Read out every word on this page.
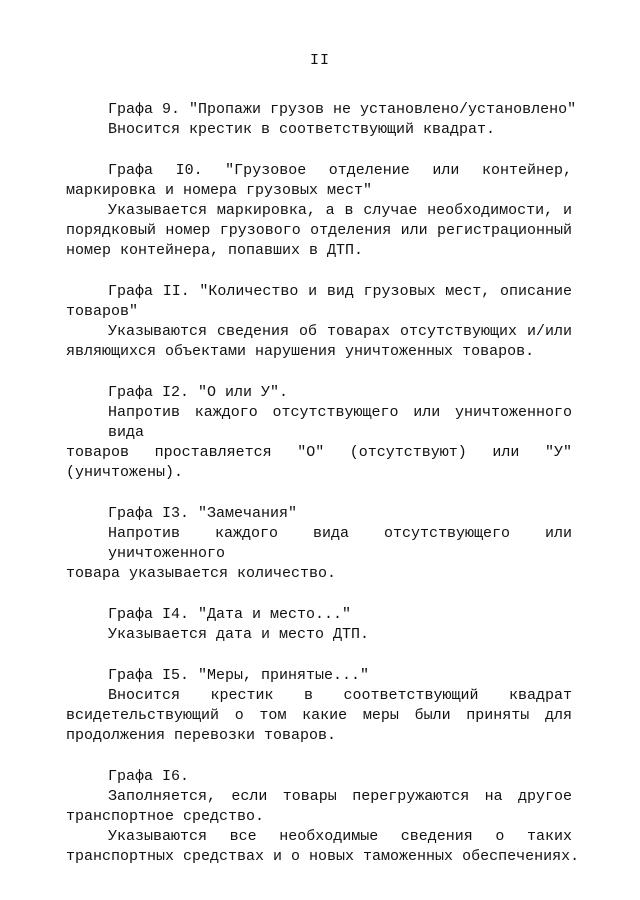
II
Графа 9. "Пропажи грузов не установлено/установлено"
Вносится крестик в соответствующий квадрат.
Графа I0. "Грузовое отделение или контейнер,
маркировка и номера грузовых мест"
Указывается маркировка, а в случае необходимости, и
порядковый номер грузового отделения или регистрационный
номер контейнера, попавших в ДТП.
Графа II. "Количество и вид грузовых мест, описание
товаров"
Указываются сведения об товарах отсутствующих и/или
являющихся объектами нарушения уничтоженных товаров.
Графа I2. "О или У".
Напротив каждого отсутствующего или уничтоженного вида
товаров проставляется "О" (отсутствуют) или "У"
(уничтожены).
Графа I3. "Замечания"
Напротив каждого вида отсутствующего или уничтоженного
товара указывается количество.
Графа I4. "Дата и место..."
Указывается дата и место ДТП.
Графа I5. "Меры, принятые..."
Вносится крестик в соответствующий квадрат
всидетельствующий о том какие меры были приняты для
продолжения перевозки товаров.
Графа I6.
Заполняется, если товары перегружаются на другое
транспортное средство.
Указываются все необходимые сведения о таких
транспортных средствах и о новых таможенных обеспечениях.
